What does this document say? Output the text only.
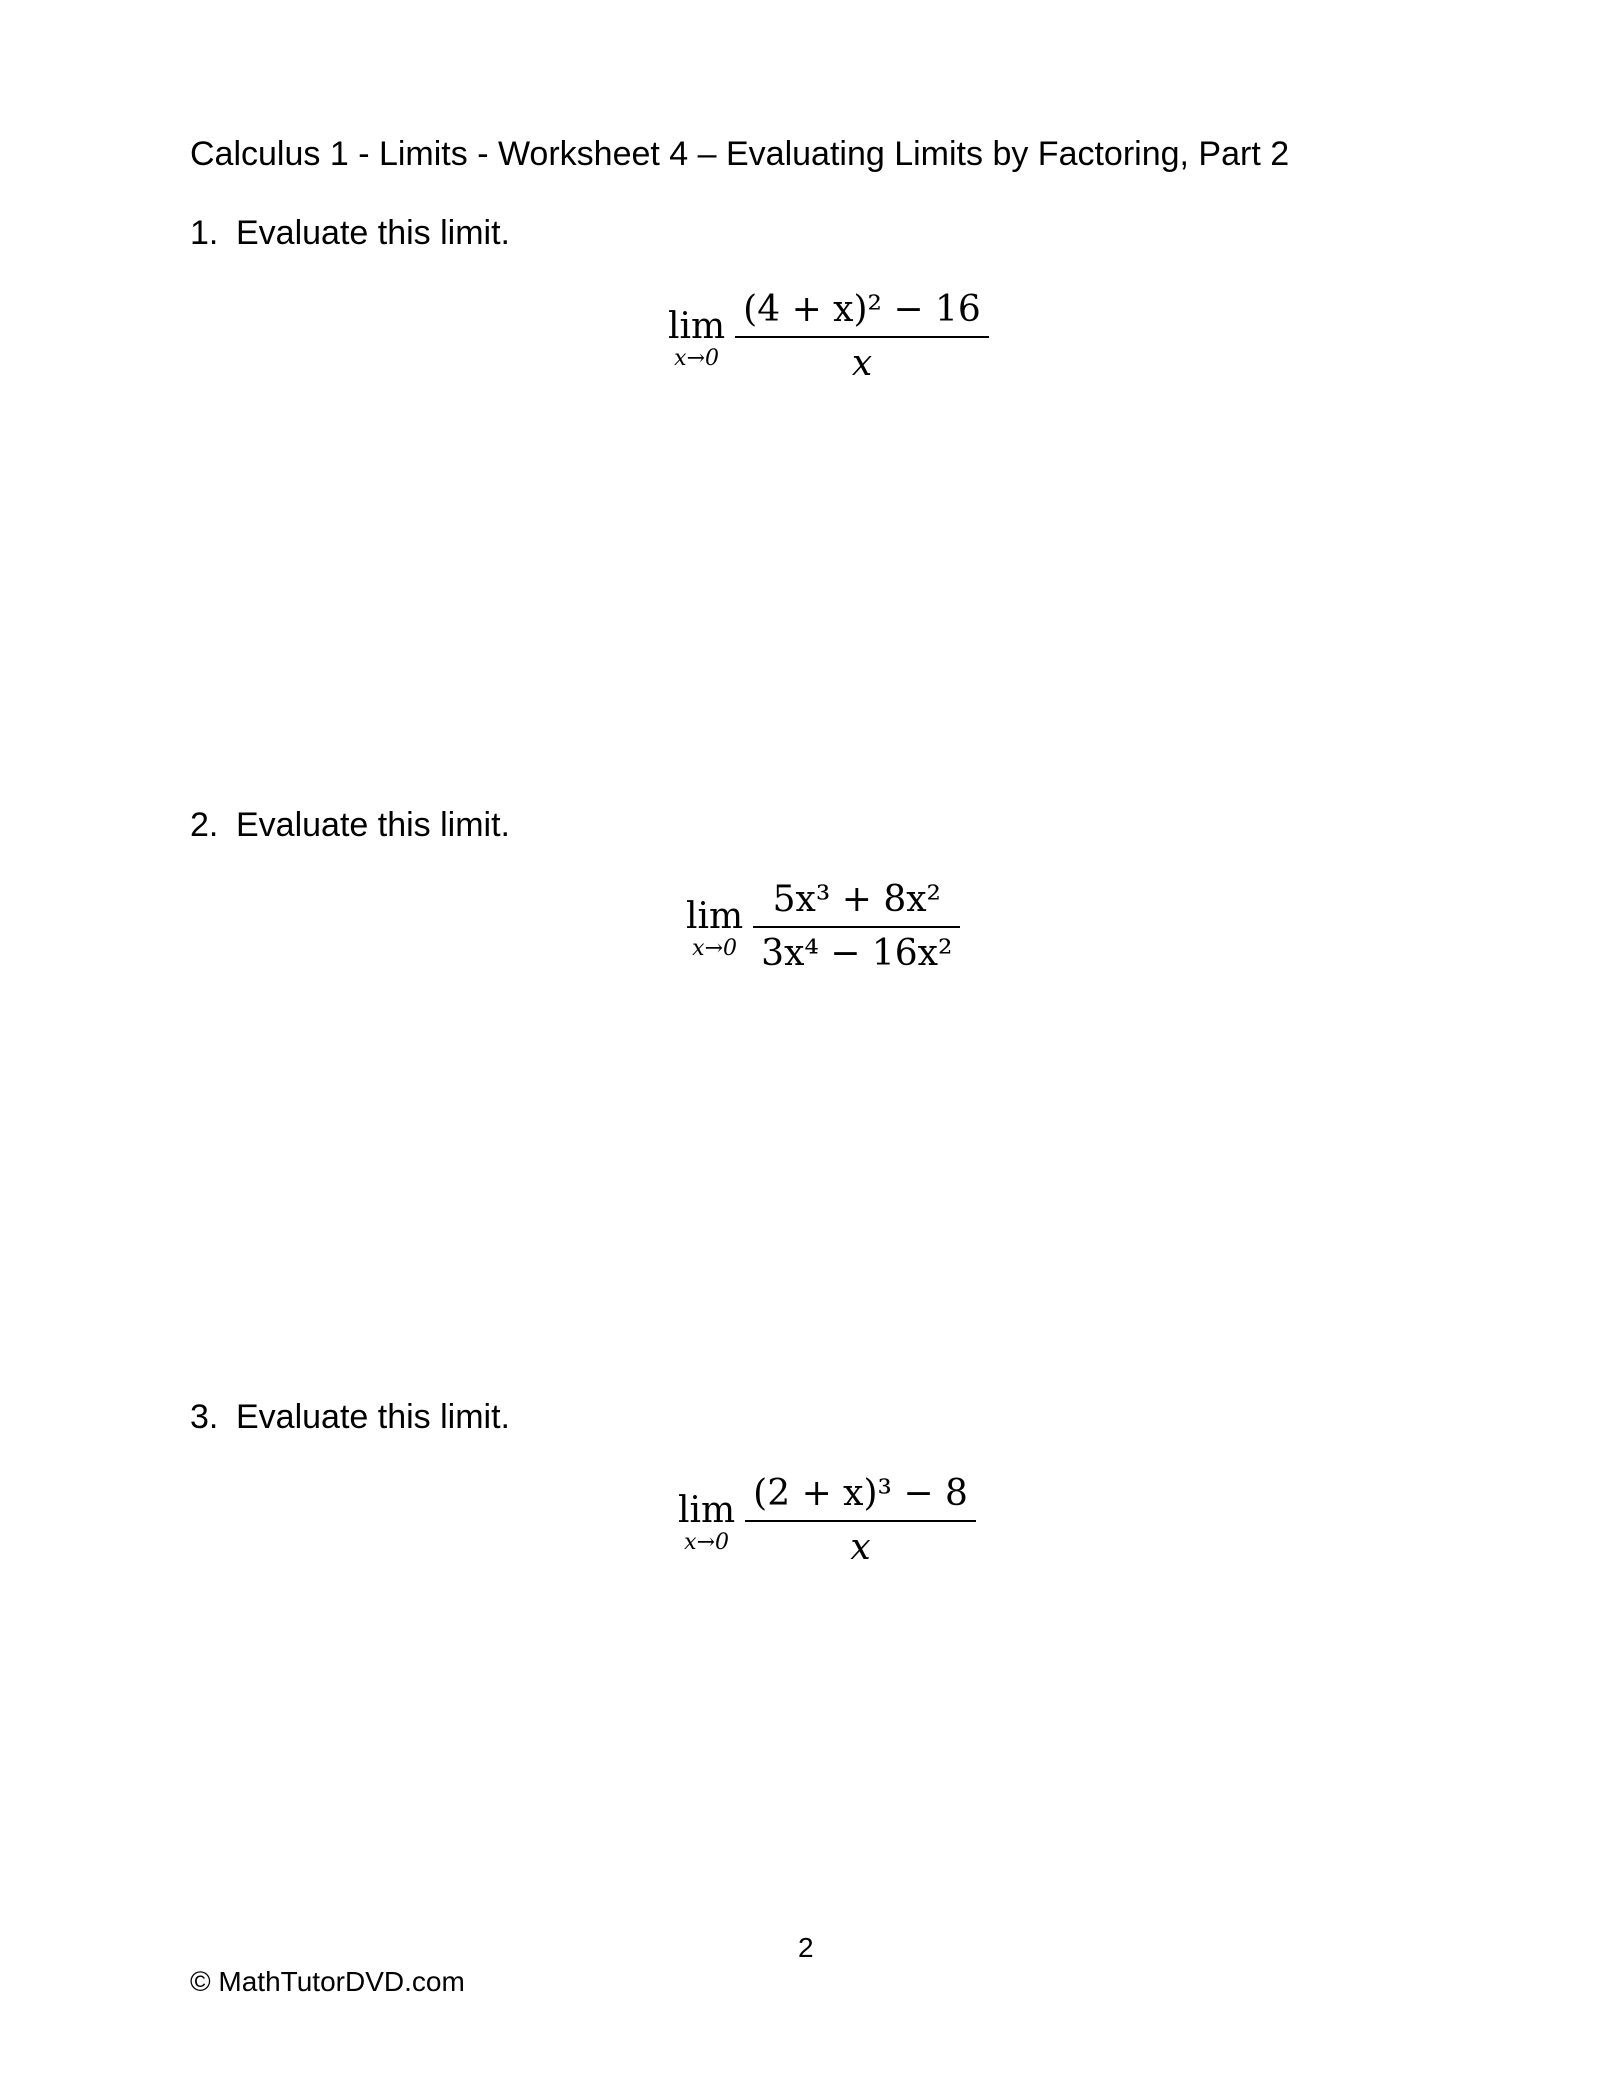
Calculus 1 - Limits - Worksheet 4 – Evaluating Limits by Factoring, Part 2
1. Evaluate this limit.
lim
$x\to 0 \frac{\text{(4 + x)² − 16}}{x}$
2. Evaluate this limit.
lim
$x\to 0 \frac{\text{5x³ + 8x²}}{\text{3x⁴ − 16x²}}$
3. Evaluate this limit.
lim
$x\to 0 \frac{\text{(2 + x)³ − 8}}{x}$
2
© MathTutorDVD.com
